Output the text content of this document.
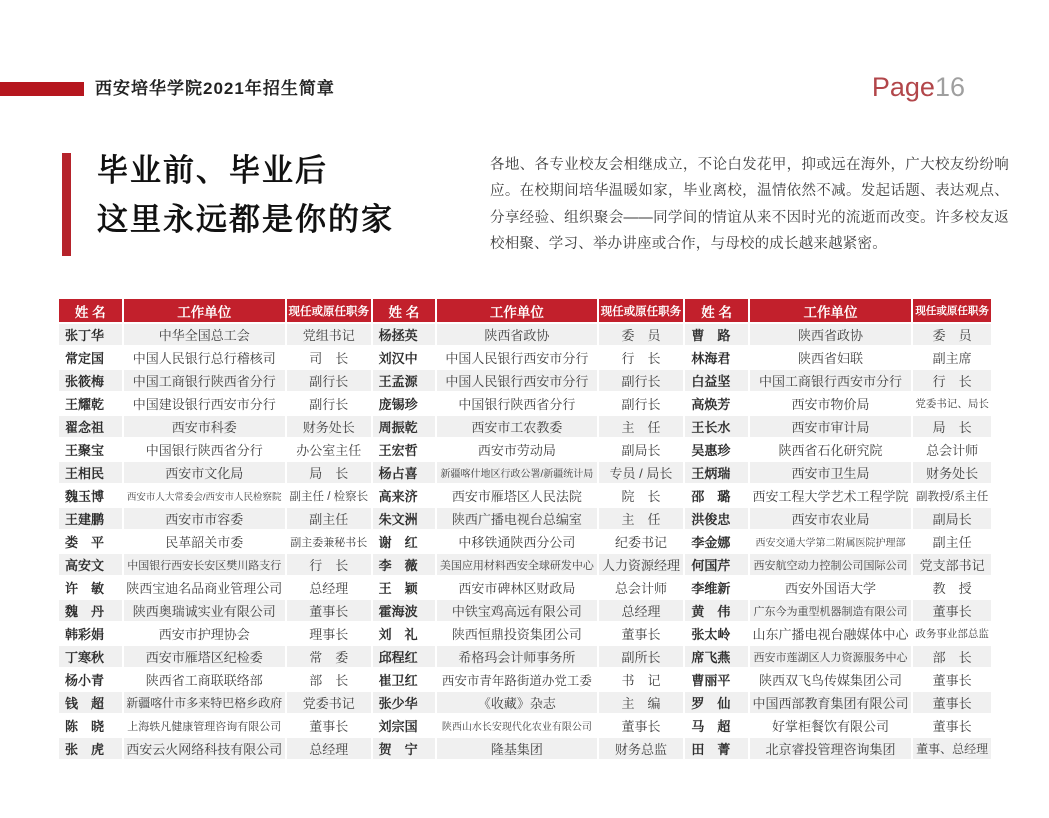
西安培华学院2021年招生简章	Page16
毕业前、毕业后
这里永远都是你的家
各地、各专业校友会相继成立，不论白发花甲，抑或远在海外，广大校友纷纷响应。在校期间培华温暖如家，毕业离校，温情依然不减。发起话题、表达观点、分享经验、组织聚会——同学间的情谊从来不因时光的流逝而改变。许多校友返校相聚、学习、举办讲座或合作，与母校的成长越来越紧密。
姓 名	工作单位	现任或原任职务	姓 名	工作单位	现任或原任职务	姓 名	工作单位	现任或原任职务
张丁华	中华全国总工会	党组书记	杨拯英	陕西省政协	委　员	曹　路	陕西省政协	委　员
常定国	中国人民银行总行稽核司	司　长	刘汉中	中国人民银行西安市分行	行　长	林海君	陕西省妇联	副主席
张筱梅	中国工商银行陕西省分行	副行长	王孟源	中国人民银行西安市分行	副行长	白益坚	中国工商银行西安市分行	行　长
王耀乾	中国建设银行西安市分行	副行长	庞锡珍	中国银行陕西省分行	副行长	高焕芳	西安市物价局	党委书记、局长
翟念祖	西安市科委	财务处长	周振乾	西安市工农教委	主　任	王长水	西安市审计局	局　长
王聚宝	中国银行陕西省分行	办公室主任	王宏哲	西安市劳动局	副局长	吴惠珍	陕西省石化研究院	总会计师
王相民	西安市文化局	局　长	杨占喜	新疆喀什地区行政公署/新疆统计局	专员 / 局长	王炳瑞	西安市卫生局	财务处长
魏玉博	西安市人大常委会/西安市人民检察院	副主任 / 检察长	高来济	西安市雁塔区人民法院	院　长	邵　璐	西安工程大学艺术工程学院	副教授/系主任
王建鹏	西安市市容委	副主任	朱文洲	陕西广播电视台总编室	主　任	洪俊忠	西安市农业局	副局长
娄　平	民革韶关市委	副主委兼秘书长	谢　红	中移铁通陕西分公司	纪委书记	李金娜	西安交通大学第二附属医院护理部	副主任
高安文	中国银行西安长安区樊川路支行	行　长	李　薇	美国应用材料西安全球研发中心	人力资源经理	何国芹	西安航空动力控制公司国际公司	党支部书记
许　敏	陕西宝迪名品商业管理公司	总经理	王　颖	西安市碑林区财政局	总会计师	李维新	西安外国语大学	教　授
魏　丹	陕西奥瑞诚实业有限公司	董事长	霍海波	中铁宝鸡高远有限公司	总经理	黄　伟	广东今为重型机器制造有限公司	董事长
韩彩娟	西安市护理协会	理事长	刘　礼	陕西恒鼎投资集团公司	董事长	张太岭	山东广播电视台融媒体中心	政务事业部总监
丁寒秋	西安市雁塔区纪检委	常　委	邱程红	希格玛会计师事务所	副所长	席飞燕	西安市莲湖区人力资源服务中心	部　长
杨小青	陕西省工商联联络部	部　长	崔卫红	西安市青年路街道办党工委	书　记	曹丽平	陕西双飞鸟传媒集团公司	董事长
钱　超	新疆喀什市多来特巴格乡政府	党委书记	张少华	《收藏》杂志	主　编	罗　仙	中国西部教育集团有限公司	董事长
陈　晓	上海轶凡健康管理咨询有限公司	董事长	刘宗国	陕西山水长安现代化农业有限公司	董事长	马　超	好掌柜餐饮有限公司	董事长
张　虎	西安云火网络科技有限公司	总经理	贺　宁	隆基集团	财务总监	田　菁	北京睿投管理咨询集团	董事、总经理
